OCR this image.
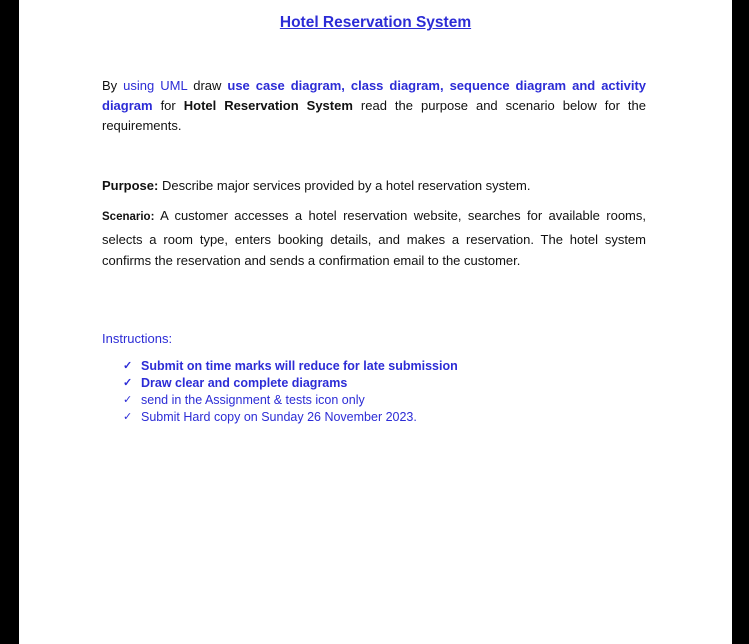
Hotel Reservation System
By using UML draw use case diagram, class diagram, sequence diagram and activity diagram for Hotel Reservation System read the purpose and scenario below for the requirements.
Purpose: Describe major services provided by a hotel reservation system.
Scenario: A customer accesses a hotel reservation website, searches for available rooms, selects a room type, enters booking details, and makes a reservation. The hotel system confirms the reservation and sends a confirmation email to the customer.
Instructions:
✓ Submit on time marks will reduce for late submission
✓ Draw clear and complete diagrams
✓ send in the Assignment & tests icon only
✓ Submit Hard copy on Sunday 26 November 2023.
